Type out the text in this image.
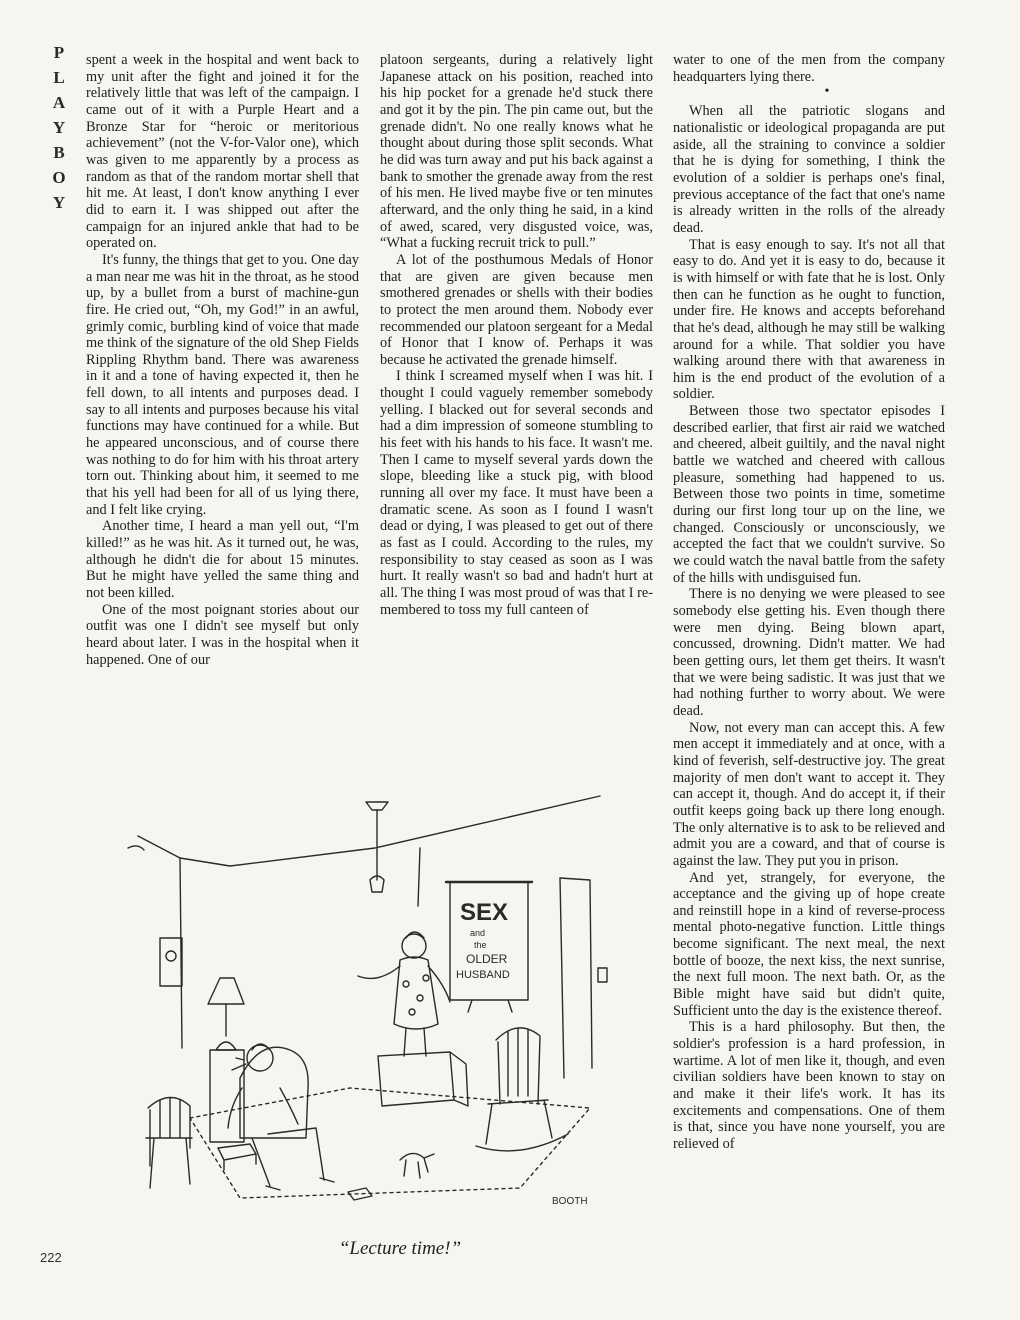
P
L
A
Y
B
O
Y

spent a week in the hospital and went back to my unit after the fight and joined it for the relatively little that was left of the campaign. I came out of it with a Purple Heart and a Bronze Star for “heroic or meritorious achievement” (not the V-for-Valor one), which was given to me apparently by a process as random as that of the random mortar shell that hit me. At least, I don't know anything I ever did to earn it. I was shipped out after the campaign for an injured ankle that had to be operated on.

It's funny, the things that get to you. One day a man near me was hit in the throat, as he stood up, by a bullet from a burst of machine-gun fire. He cried out, “Oh, my God!” in an awful, grimly comic, burbling kind of voice that made me think of the signature of the old Shep Fields Rippling Rhythm band. There was awareness in it and a tone of having expected it, then he fell down, to all intents and purposes dead. I say to all intents and purposes because his vital functions may have continued for a while. But he appeared unconscious, and of course there was nothing to do for him with his throat artery torn out. Thinking about him, it seemed to me that his yell had been for all of us lying there, and I felt like crying.

Another time, I heard a man yell out, “I'm killed!” as he was hit. As it turned out, he was, although he didn't die for about 15 minutes. But he might have yelled the same thing and not been killed.

One of the most poignant stories about our outfit was one I didn't see myself but only heard about later. I was in the hospital when it happened. One of our

platoon sergeants, during a relatively light Japanese attack on his position, reached into his hip pocket for a grenade he'd stuck there and got it by the pin. The pin came out, but the grenade didn't. No one really knows what he thought about during those split seconds. What he did was turn away and put his back against a bank to smother the grenade away from the rest of his men. He lived maybe five or ten minutes afterward, and the only thing he said, in a kind of awed, scared, very disgusted voice, was, “What a fucking recruit trick to pull.”

A lot of the posthumous Medals of Honor that are given are given because men smothered grenades or shells with their bodies to protect the men around them. Nobody ever recommended our platoon sergeant for a Medal of Honor that I know of. Perhaps it was because he activated the grenade himself.

I think I screamed myself when I was hit. I thought I could vaguely remember somebody yelling. I blacked out for several seconds and had a dim impression of someone stumbling to his feet with his hands to his face. It wasn't me. Then I came to myself several yards down the slope, bleeding like a stuck pig, with blood running all over my face. It must have been a dramatic scene. As soon as I found I wasn't dead or dying, I was pleased to get out of there as fast as I could. According to the rules, my responsibility to stay ceased as soon as I was hurt. It really wasn't so bad and hadn't hurt at all. The thing I was most proud of was that I remembered to toss my full canteen of

water to one of the men from the company headquarters lying there.

•

When all the patriotic slogans and nationalistic or ideological propaganda are put aside, all the straining to convince a soldier that he is dying for something, I think the evolution of a soldier is perhaps one's final, previous acceptance of the fact that one's name is already written in the rolls of the already dead.

That is easy enough to say. It's not all that easy to do. And yet it is easy to do, because it is with himself or with fate that he is lost. Only then can he function as he ought to function, under fire. He knows and accepts beforehand that he's dead, although he may still be walking around for a while. That soldier you have walking around there with that awareness in him is the end product of the evolution of a soldier.

Between those two spectator episodes I described earlier, that first air raid we watched and cheered, albeit guiltily, and the naval night battle we watched and cheered with callous pleasure, something had happened to us. Between those two points in time, sometime during our first long tour up on the line, we changed. Consciously or unconsciously, we accepted the fact that we couldn't survive. So we could watch the naval battle from the safety of the hills with undisguised fun.

There is no denying we were pleased to see somebody else getting his. Even though there were men dying. Being blown apart, concussed, drowning. Didn't matter. We had been getting ours, let them get theirs. It wasn't that we were being sadistic. It was just that we had nothing further to worry about. We were dead.

Now, not every man can accept this. A few men accept it immediately and at once, with a kind of feverish, self-destructive joy. The great majority of men don't want to accept it. They can accept it, though. And do accept it, if their outfit keeps going back up there long enough. The only alternative is to ask to be relieved and admit you are a coward, and that of course is against the law. They put you in prison.

And yet, strangely, for everyone, the acceptance and the giving up of hope create and reinstill hope in a kind of reverse-process mental photo-negative function. Little things become significant. The next meal, the next bottle of booze, the next kiss, the next sunrise, the next full moon. The next bath. Or, as the Bible might have said but didn't quite, Sufficient unto the day is the existence thereof.

This is a hard philosophy. But then, the soldier's profession is a hard profession, in wartime. A lot of men like it, though, and even civilian soldiers have been known to stay on and make it their life's work. It has its excitements and compensations. One of them is that, since you have none yourself, you are relieved of

SEX
and
the
OLDER
HUSBAND
BOOTH
“Lecture time!”
222
